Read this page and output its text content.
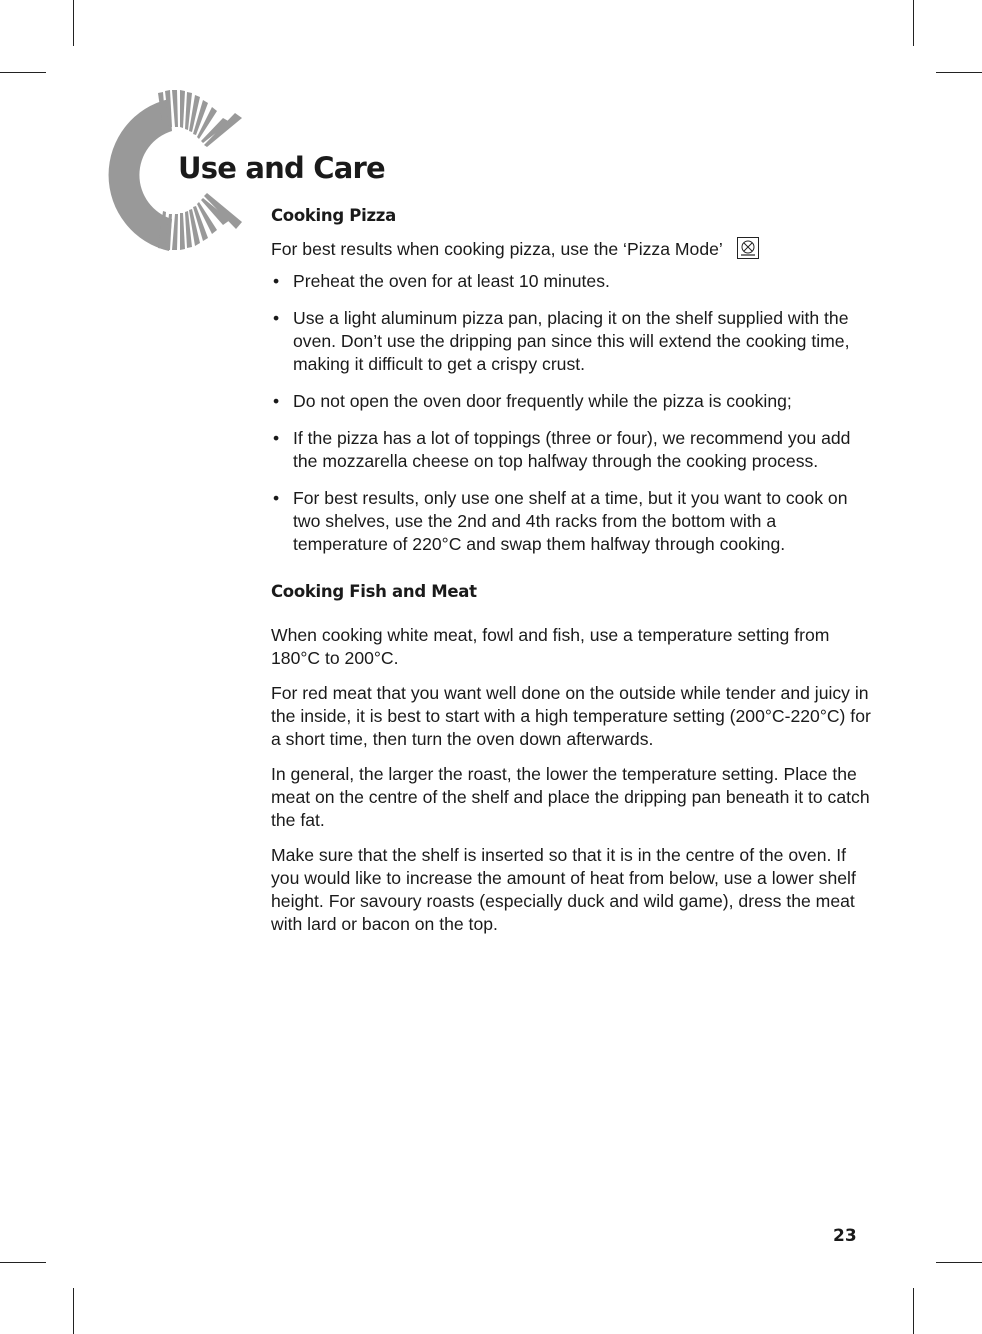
Use and Care
Cooking Pizza

For best results when cooking pizza, use the ‘Pizza Mode’

• Preheat the oven for at least 10 minutes.
• Use a light aluminum pizza pan, placing it on the shelf supplied with the oven. Don’t use the dripping pan since this will extend the cooking time, making it difficult to get a crispy crust.
• Do not open the oven door frequently while the pizza is cooking;
• If the pizza has a lot of toppings (three or four), we recommend you add the mozzarella cheese on top halfway through the cooking process.
• For best results, only use one shelf at a time, but it you want to cook on two shelves, use the 2nd and 4th racks from the bottom with a temperature of 220°C and swap them halfway through cooking.
Cooking Fish and Meat

When cooking white meat, fowl and fish, use a temperature setting from 180°C to 200°C.

For red meat that you want well done on the outside while tender and juicy in the inside, it is best to start with a high temperature setting (200°C-220°C) for a short time, then turn the oven down afterwards.

In general, the larger the roast, the lower the temperature setting. Place the meat on the centre of the shelf and place the dripping pan beneath it to catch the fat.

Make sure that the shelf is inserted so that it is in the centre of the oven. If you would like to increase the amount of heat from below, use a lower shelf height. For savoury roasts (especially duck and wild game), dress the meat with lard or bacon on the top.

23
